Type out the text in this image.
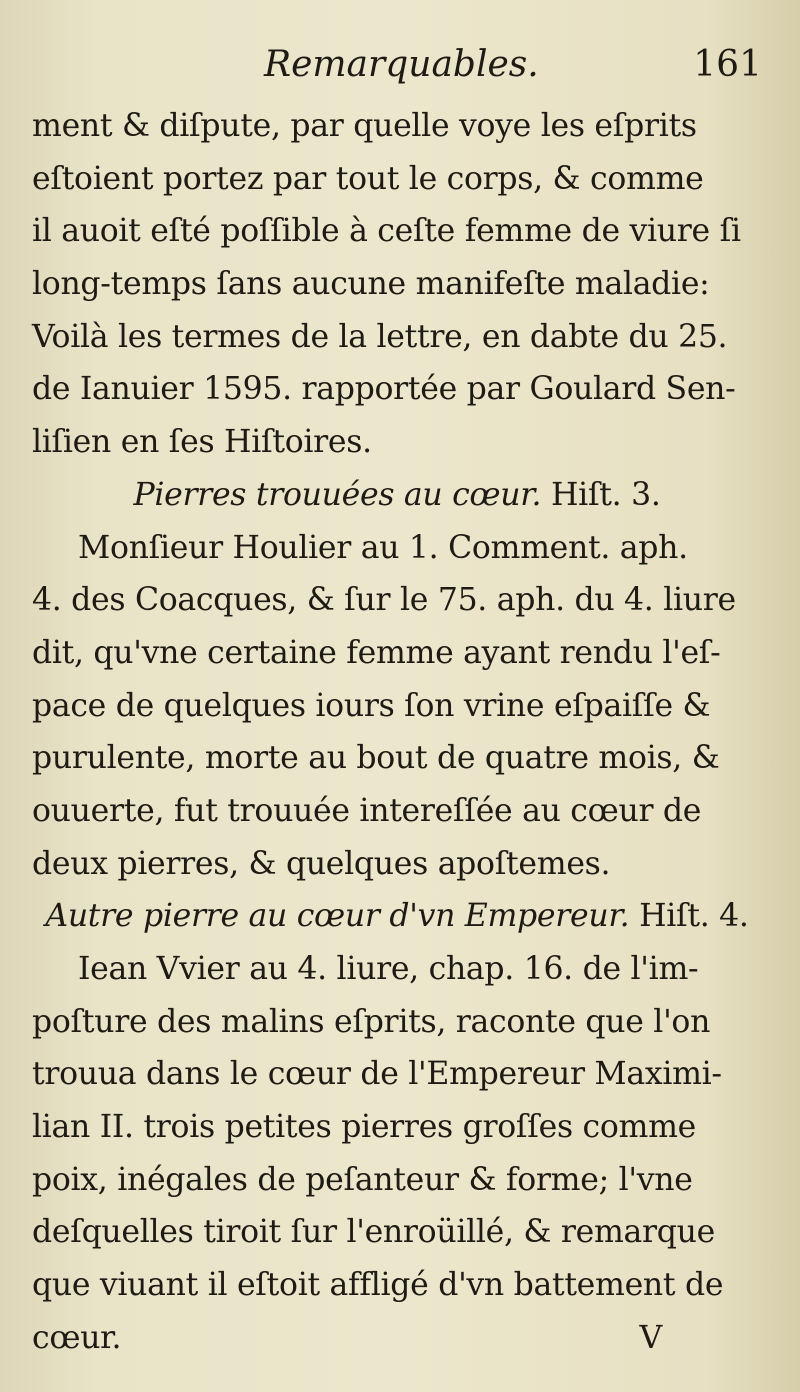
Remarquables.	161
ment & diſpute, par quelle voye les eſprits
eſtoient portez par tout le corps, & comme
il auoit eſté poſſible à ceſte femme de viure ſi
long-temps ſans aucune manifeſte maladie:
Voilà les termes de la lettre, en dabte du 25.
de Ianuier 1595. rapportée par Goulard Sen-
liſien en ſes Hiſtoires.
Pierres trouuées au cœur. Hiſt. 3.
Monſieur Houlier au 1. Comment. aph.
4. des Coacques, & ſur le 75. aph. du 4. liure
dit, qu'vne certaine femme ayant rendu l'eſ-
pace de quelques iours ſon vrine eſpaiſſe &
purulente, morte au bout de quatre mois, &
ouuerte, fut trouuée intereſſée au cœur de
deux pierres, & quelques apoſtemes.
Autre pierre au cœur d'vn Empereur. Hiſt. 4.
Iean Vvier au 4. liure, chap. 16. de l'im-
poſture des malins eſprits, raconte que l'on
trouua dans le cœur de l'Empereur Maximi-
lian II. trois petites pierres groſſes comme
poix, inégales de peſanteur & forme; l'vne
deſquelles tiroit ſur l'enroüillé, & remarque
que viuant il eſtoit affligé d'vn battement de
cœur.	V
